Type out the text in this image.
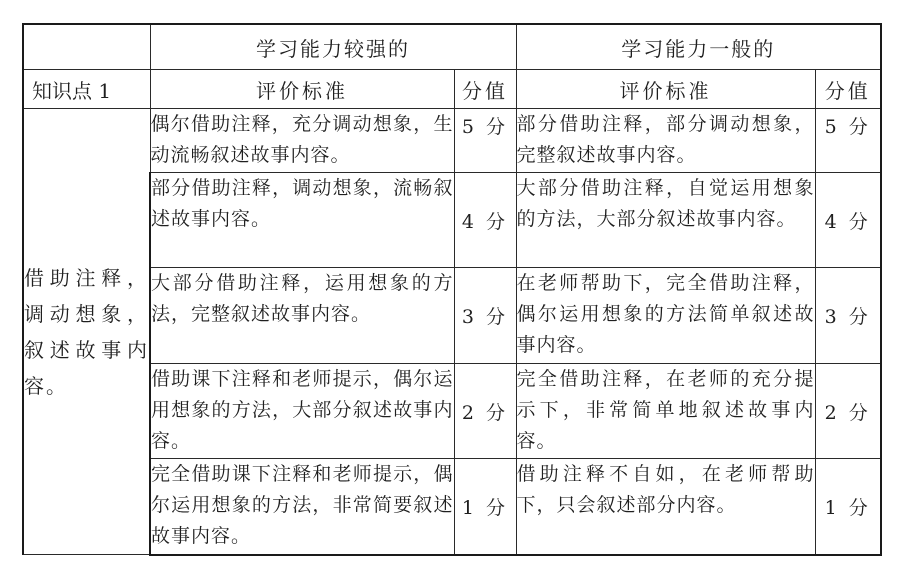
	学习能力较强的		学习能力一般的	
知识点 1	评价标准	分值	评价标准	分值
借助注释，调动想象，叙述故事内容。	偶尔借助注释，充分调动想象，生动流畅叙述故事内容。	5 分	部分借助注释，部分调动想象，完整叙述故事内容。	5 分
	部分借助注释，调动想象，流畅叙述故事内容。	4 分	大部分借助注释，自觉运用想象的方法，大部分叙述故事内容。	4 分
	大部分借助注释，运用想象的方法，完整叙述故事内容。	3 分	在老师帮助下，完全借助注释，偶尔运用想象的方法简单叙述故事内容。	3 分
	借助课下注释和老师提示，偶尔运用想象的方法，大部分叙述故事内容。	2 分	完全借助注释，在老师的充分提示下，非常简单地叙述故事内容。	2 分
	完全借助课下注释和老师提示，偶尔运用想象的方法，非常简要叙述故事内容。	1 分	借助注释不自如，在老师帮助下，只会叙述部分内容。	1 分
